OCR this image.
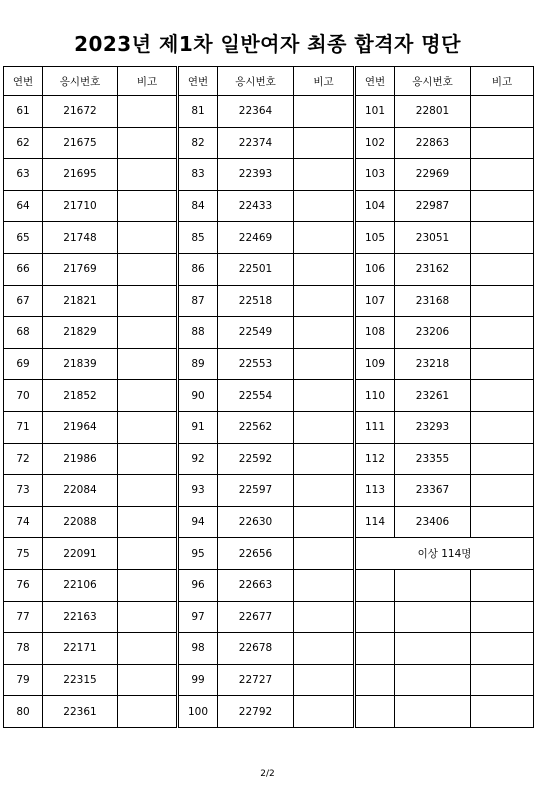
2023년 제1차 일반여자 최종 합격자 명단
연번	응시번호	비고	연번	응시번호	비고	연번	응시번호	비고
61	21672		81	22364		101	22801	
62	21675		82	22374		102	22863	
63	21695		83	22393		103	22969	
64	21710		84	22433		104	22987	
65	21748		85	22469		105	23051	
66	21769		86	22501		106	23162	
67	21821		87	22518		107	23168	
68	21829		88	22549		108	23206	
69	21839		89	22553		109	23218	
70	21852		90	22554		110	23261	
71	21964		91	22562		111	23293	
72	21986		92	22592		112	23355	
73	22084		93	22597		113	23367	
74	22088		94	22630		114	23406	
75	22091		95	22656		이상 114명		
76	22106		96	22663				
77	22163		97	22677				
78	22171		98	22678				
79	22315		99	22727				
80	22361		100	22792				
2/2
